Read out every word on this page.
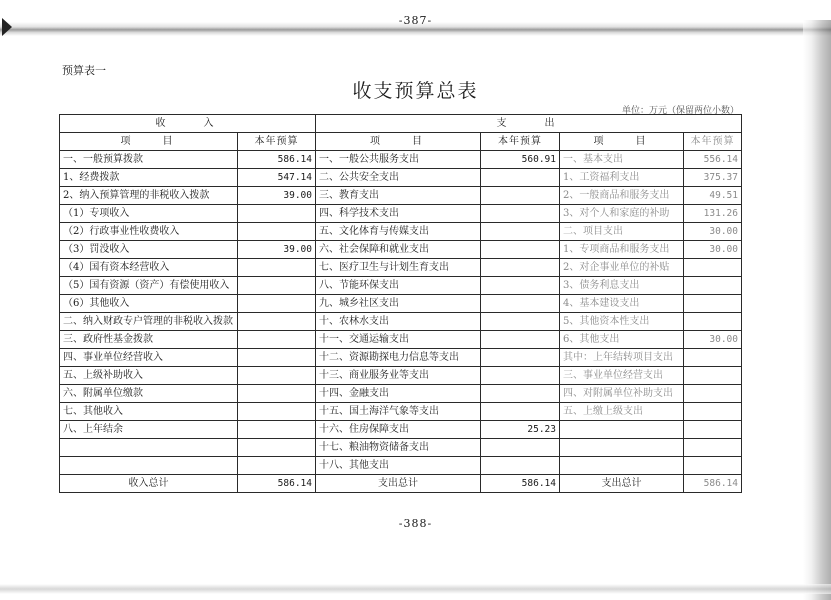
-387-
预算表一
收支预算总表
单位：万元（保留两位小数）
收　　入		支　　出			
项　　目	本年预算	项　　目	本年预算	项　　目	本年预算
一、一般预算拨款	586.14	一、一般公共服务支出	560.91	一、基本支出	556.14
1、经费拨款	547.14	二、公共安全支出		1、工资福利支出	375.37
2、纳入预算管理的非税收入拨款	39.00	三、教育支出		2、一般商品和服务支出	49.51
（1）专项收入		四、科学技术支出		3、对个人和家庭的补助	131.26
（2）行政事业性收费收入		五、文化体育与传媒支出		二、项目支出	30.00
（3）罚没收入	39.00	六、社会保障和就业支出		1、专项商品和服务支出	30.00
（4）国有资本经营收入		七、医疗卫生与计划生育支出		2、对企事业单位的补贴	
（5）国有资源（资产）有偿使用收入		八、节能环保支出		3、债务利息支出	
（6）其他收入		九、城乡社区支出		4、基本建设支出	
二、纳入财政专户管理的非税收入拨款		十、农林水支出		5、其他资本性支出	
三、政府性基金拨款		十一、交通运输支出		6、其他支出	30.00
四、事业单位经营收入		十二、资源勘探电力信息等支出		其中：上年结转项目支出	
五、上级补助收入		十三、商业服务业等支出		三、事业单位经营支出	
六、附属单位缴款		十四、金融支出		四、对附属单位补助支出	
七、其他收入		十五、国土海洋气象等支出		五、上缴上级支出	
八、上年结余		十六、住房保障支出	25.23		
		十七、粮油物资储备支出			
		十八、其他支出			
收入总计	586.14	支出总计	586.14	支出总计	586.14
-388-
